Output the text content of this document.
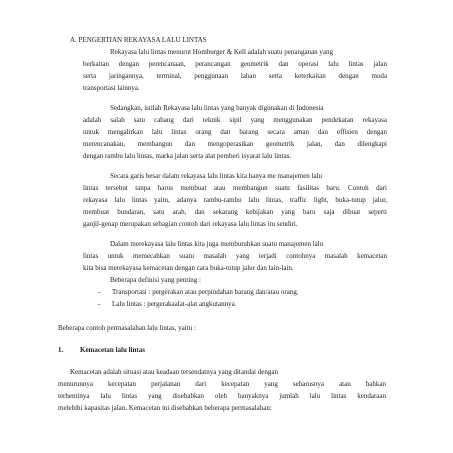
A. PENGERTIAN REKAYASA LALU LINTAS
Rekayasa lalu lintas menurut Homburger & Kell adalah suatu penanganan yang
berkaitan dengan perencanaan, perancangan geometrik dan operasi lalu lintas jalan
serta jaringannya, terminal, penggunaan lahan serta keterkaitan dengan moda
transportasi lainnya.
Sedangkan, istilah Rekayasa lalu lintas yang banyak digunakan di Indonesia
adalah salah satu cabang dari teknik sipil yang menggunakan pendekatan rekayasa
untuk mengalirkan lalu lintas orang dan barang secara aman dan effisien dengan
merencanakan, membangun dan mengoperasikan geometrik jalan, dan dilengkapi
dengan rambu lalu lintas, marka jalan serta alat pemberi isyarat lalu lintas.
Secara garis besar dalam rekayasa lalu lintas kita hanya me manajemen lalu
lintas tersebut tanpa harus membuat atau membangun suatu fasilitas baru. Contoh dari
rekayasa lalu lintas yaitu, adanya rambu-rambu lalu lintas, traffic light, buka-tutup jalur,
membuat bundaran, satu arah, dan sekarang kebijakan yang baru saja dibuat seperti
ganjil-genap merupakan sebagian contoh dari rekayasa lalu lintas itu sendiri.
Dalam merekayasa lalu lintas kita juga membutuhkan suatu manajemen lalu
lintas untuk memecahkan suatu masalah yang terjadi contohnya masalah kemacetan
kita bisa merekayasa kemacetan dengan cara buka-tutup jalur dan lain-lain.
Beberapa definisi yang penting :
- Transportasi : pergerakan atau perpindahan barang dan/atau orang.
- Lalu lintas : pergerakaalat-alat angkutannya.
Beberapa contoh permasalahan lalu lintas, yaitu :
1. Kemacetan lalu lintas
Kemacetan adalah situasi atau keadaan tersendatnya yang ditandai dengan
menurunnya kecepatan perjalanan dari kecepatan yang seharusnya atau bahkan
terhentinya lalu lintas yang disebabkan oleh banyaknya jumlah lalu lintas kendaraan
melebihi kapasitas jalan. Kemacetan ini disebabkan beberapa permasalahan:
